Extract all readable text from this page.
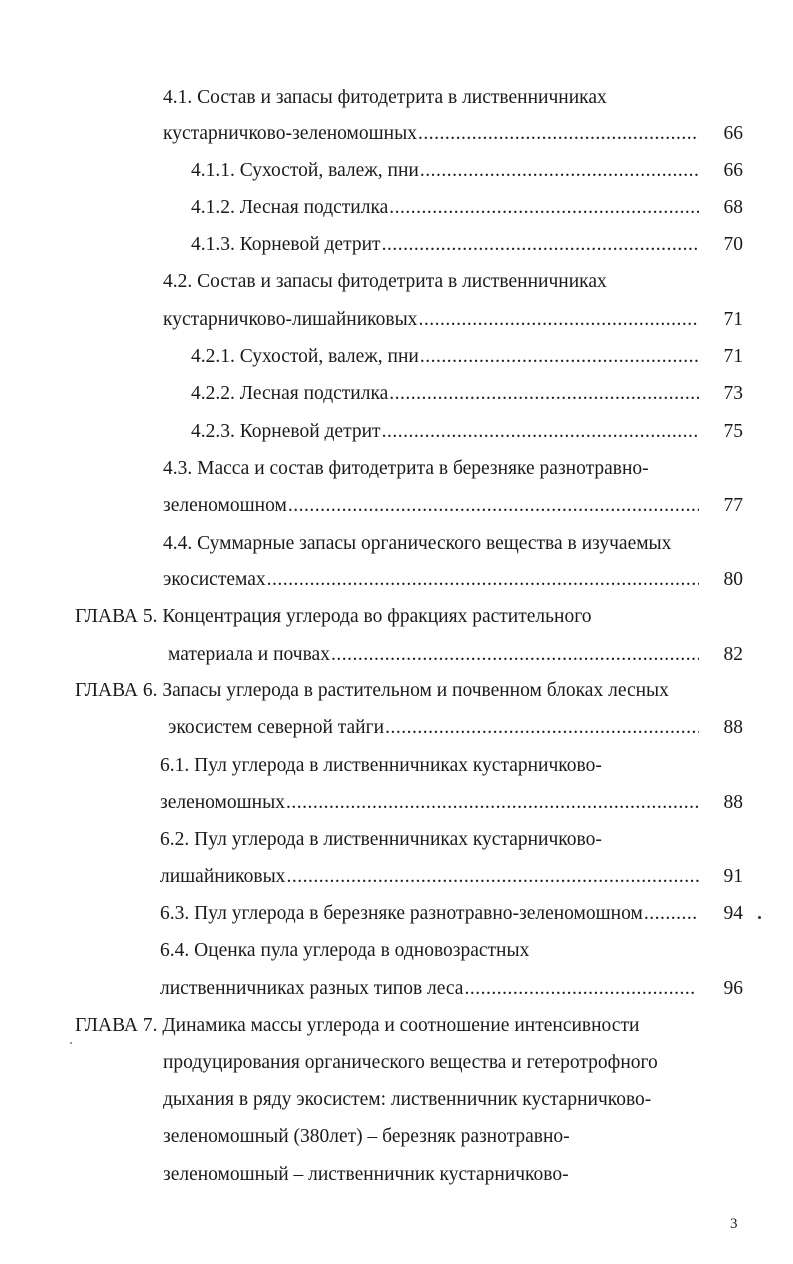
4.1. Состав и запасы фитодетрита в лиственничниках
кустарничково-зеленомошных .....	66
4.1.1. Сухостой, валеж, пни .....	66
4.1.2. Лесная подстилка .....	68
4.1.3. Корневой детрит .....	70
4.2. Состав и запасы фитодетрита в лиственничниках
кустарничково-лишайниковых .....	71
4.2.1. Сухостой, валеж, пни .....	71
4.2.2. Лесная подстилка .....	73
4.2.3. Корневой детрит .....	75
4.3. Масса и состав фитодетрита в березняке разнотравно-
зеленомошном .....	77
4.4. Суммарные запасы органического вещества в изучаемых
экосистемах .....	80
ГЛАВА 5. Концентрация углерода во фракциях растительного
материала и почвах .....	82
ГЛАВА 6. Запасы углерода в растительном и почвенном блоках лесных
экосистем северной тайги .....	88
6.1. Пул углерода в лиственничниках кустарничково-
зеленомошных .....	88
6.2. Пул углерода в лиственничниках кустарничково-
лишайниковых .....	91
6.3. Пул углерода в березняке разнотравно-зеленомошном .....	94
6.4. Оценка пула углерода в одновозрастных
лиственничниках разных типов леса .....	96
ГЛАВА 7. Динамика массы углерода и соотношение интенсивности
продуцирования органического вещества и гетеротрофного
дыхания в ряду экосистем: лиственничник кустарничково-
зеленомошный (380лет) – березняк разнотравно-
зеленомошный – лиственничник кустарничково-
3
